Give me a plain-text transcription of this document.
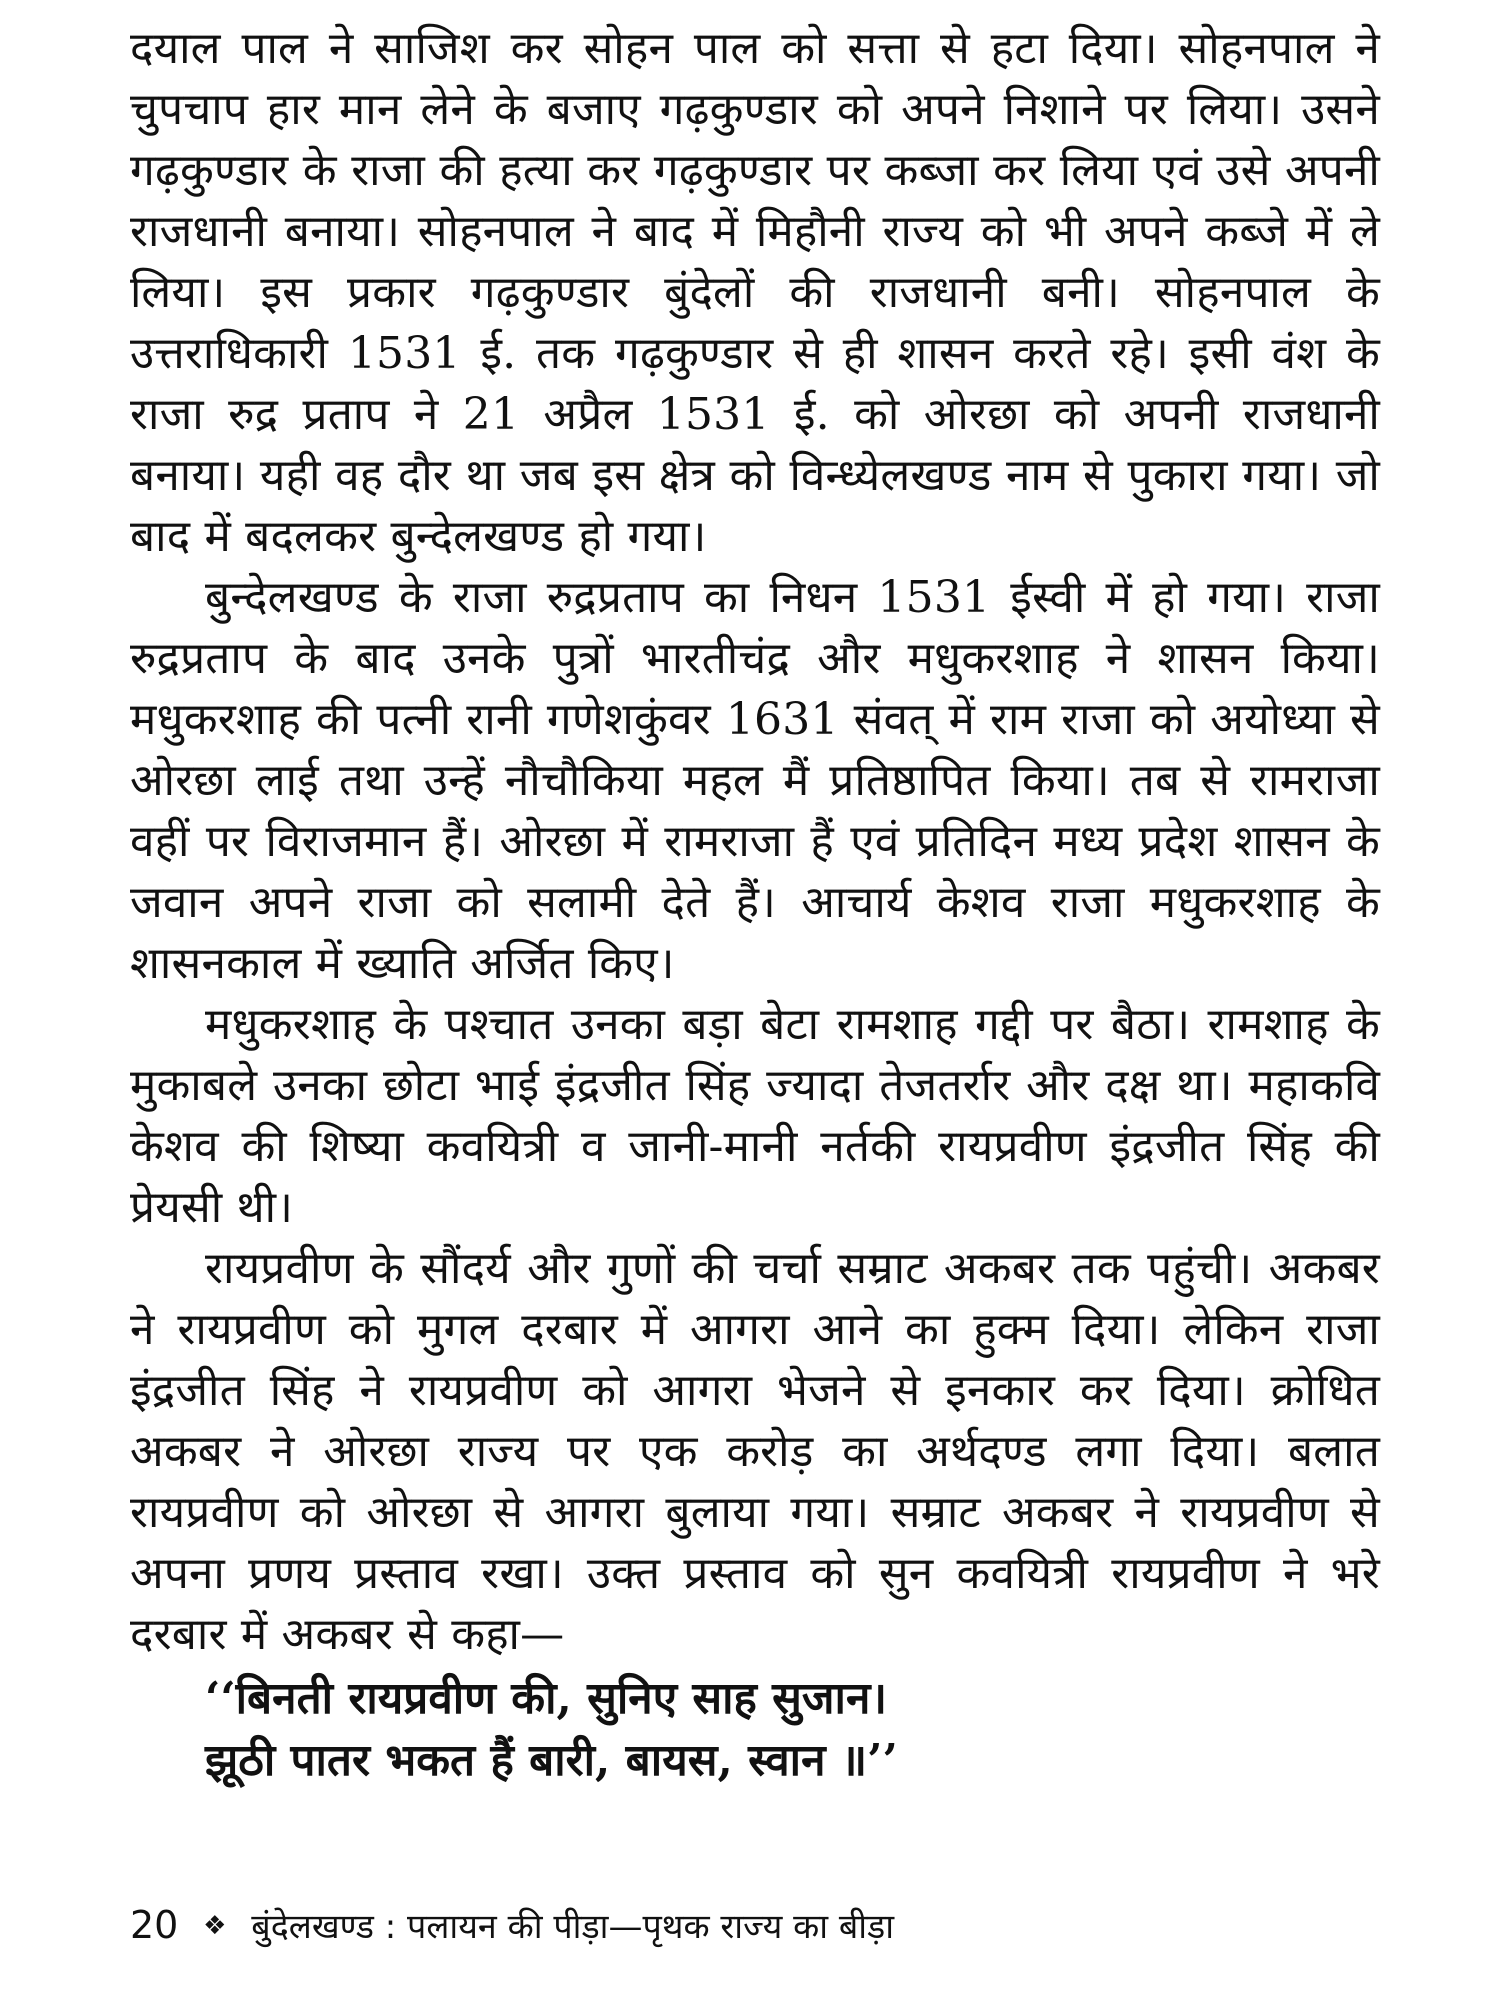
दयाल पाल ने साजिश कर सोहन पाल को सत्ता से हटा दिया। सोहनपाल ने चुपचाप हार मान लेने के बजाए गढ़कुण्डार को अपने निशाने पर लिया। उसने गढ़कुण्डार के राजा की हत्या कर गढ़कुण्डार पर कब्जा कर लिया एवं उसे अपनी राजधानी बनाया। सोहनपाल ने बाद में मिहौनी राज्य को भी अपने कब्जे में ले लिया। इस प्रकार गढ़कुण्डार बुंदेलों की राजधानी बनी। सोहनपाल के उत्तराधिकारी 1531 ई. तक गढ़कुण्डार से ही शासन करते रहे। इसी वंश के राजा रुद्र प्रताप ने 21 अप्रैल 1531 ई. को ओरछा को अपनी राजधानी बनाया। यही वह दौर था जब इस क्षेत्र को विन्ध्येलखण्ड नाम से पुकारा गया। जो बाद में बदलकर बुन्देलखण्ड हो गया।

बुन्देलखण्ड के राजा रुद्रप्रताप का निधन 1531 ईस्वी में हो गया। राजा रुद्रप्रताप के बाद उनके पुत्रों भारतीचंद्र और मधुकरशाह ने शासन किया। मधुकरशाह की पत्नी रानी गणेशकुंवर 1631 संवत् में राम राजा को अयोध्या से ओरछा लाई तथा उन्हें नौचौकिया महल मैं प्रतिष्ठापित किया। तब से रामराजा वहीं पर विराजमान हैं। ओरछा में रामराजा हैं एवं प्रतिदिन मध्य प्रदेश शासन के जवान अपने राजा को सलामी देते हैं। आचार्य केशव राजा मधुकरशाह के शासनकाल में ख्याति अर्जित किए।

मधुकरशाह के पश्चात उनका बड़ा बेटा रामशाह गद्दी पर बैठा। रामशाह के मुकाबले उनका छोटा भाई इंद्रजीत सिंह ज्यादा तेजतर्रार और दक्ष था। महाकवि केशव की शिष्या कवयित्री व जानी-मानी नर्तकी रायप्रवीण इंद्रजीत सिंह की प्रेयसी थी।

रायप्रवीण के सौंदर्य और गुणों की चर्चा सम्राट अकबर तक पहुंची। अकबर ने रायप्रवीण को मुगल दरबार में आगरा आने का हुक्म दिया। लेकिन राजा इंद्रजीत सिंह ने रायप्रवीण को आगरा भेजने से इनकार कर दिया। क्रोधित अकबर ने ओरछा राज्य पर एक करोड़ का अर्थदण्ड लगा दिया। बलात रायप्रवीण को ओरछा से आगरा बुलाया गया। सम्राट अकबर ने रायप्रवीण से अपना प्रणय प्रस्ताव रखा। उक्त प्रस्ताव को सुन कवयित्री रायप्रवीण ने भरे दरबार में अकबर से कहा—

‘‘बिनती रायप्रवीण की, सुनिए साह सुजान।
झूठी पातर भकत हैं बारी, बायस, स्वान ॥’’
20 ❖ बुंदेलखण्ड : पलायन की पीड़ा—पृथक राज्य का बीड़ा
